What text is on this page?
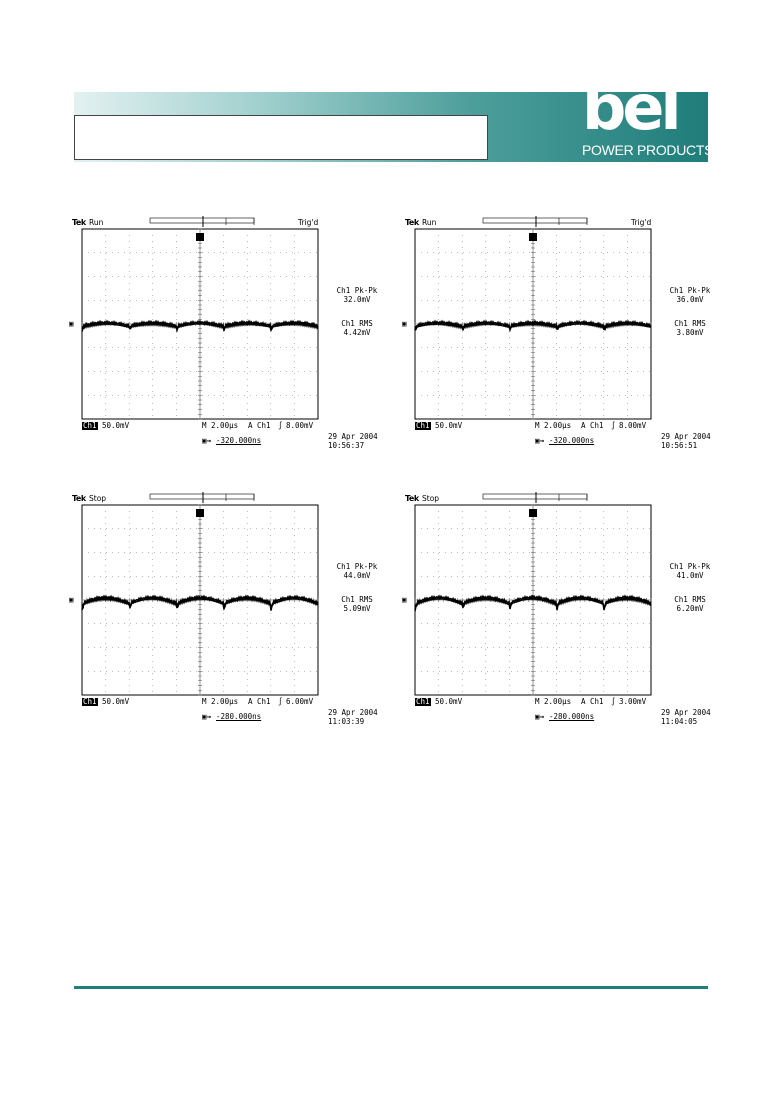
bel
POWER PRODUCTS
Tek Run	Trig'd
▣
Ch1 Pk-Pk
32.0mV
Ch1 RMS
4.42mV
Ch1 50.0mV	M 2.00µs A Ch1 ∫ 8.00mV
▣→ -320.000ns	29 Apr 2004
10:56:37
Tek Run	Trig'd
▣
Ch1 Pk-Pk
36.0mV
Ch1 RMS
3.80mV
Ch1 50.0mV	M 2.00µs A Ch1 ∫ 8.00mV
▣→ -320.000ns	29 Apr 2004
10:56:51
Tek Stop
▣
Ch1 Pk-Pk
44.0mV
Ch1 RMS
5.09mV
Ch1 50.0mV	M 2.00µs A Ch1 ∫ 6.00mV
▣→ -280.000ns	29 Apr 2004
11:03:39
Tek Stop
▣
Ch1 Pk-Pk
41.0mV
Ch1 RMS
6.20mV
Ch1 50.0mV	M 2.00µs A Ch1 ∫ 3.00mV
▣→ -280.000ns	29 Apr 2004
11:04:05
